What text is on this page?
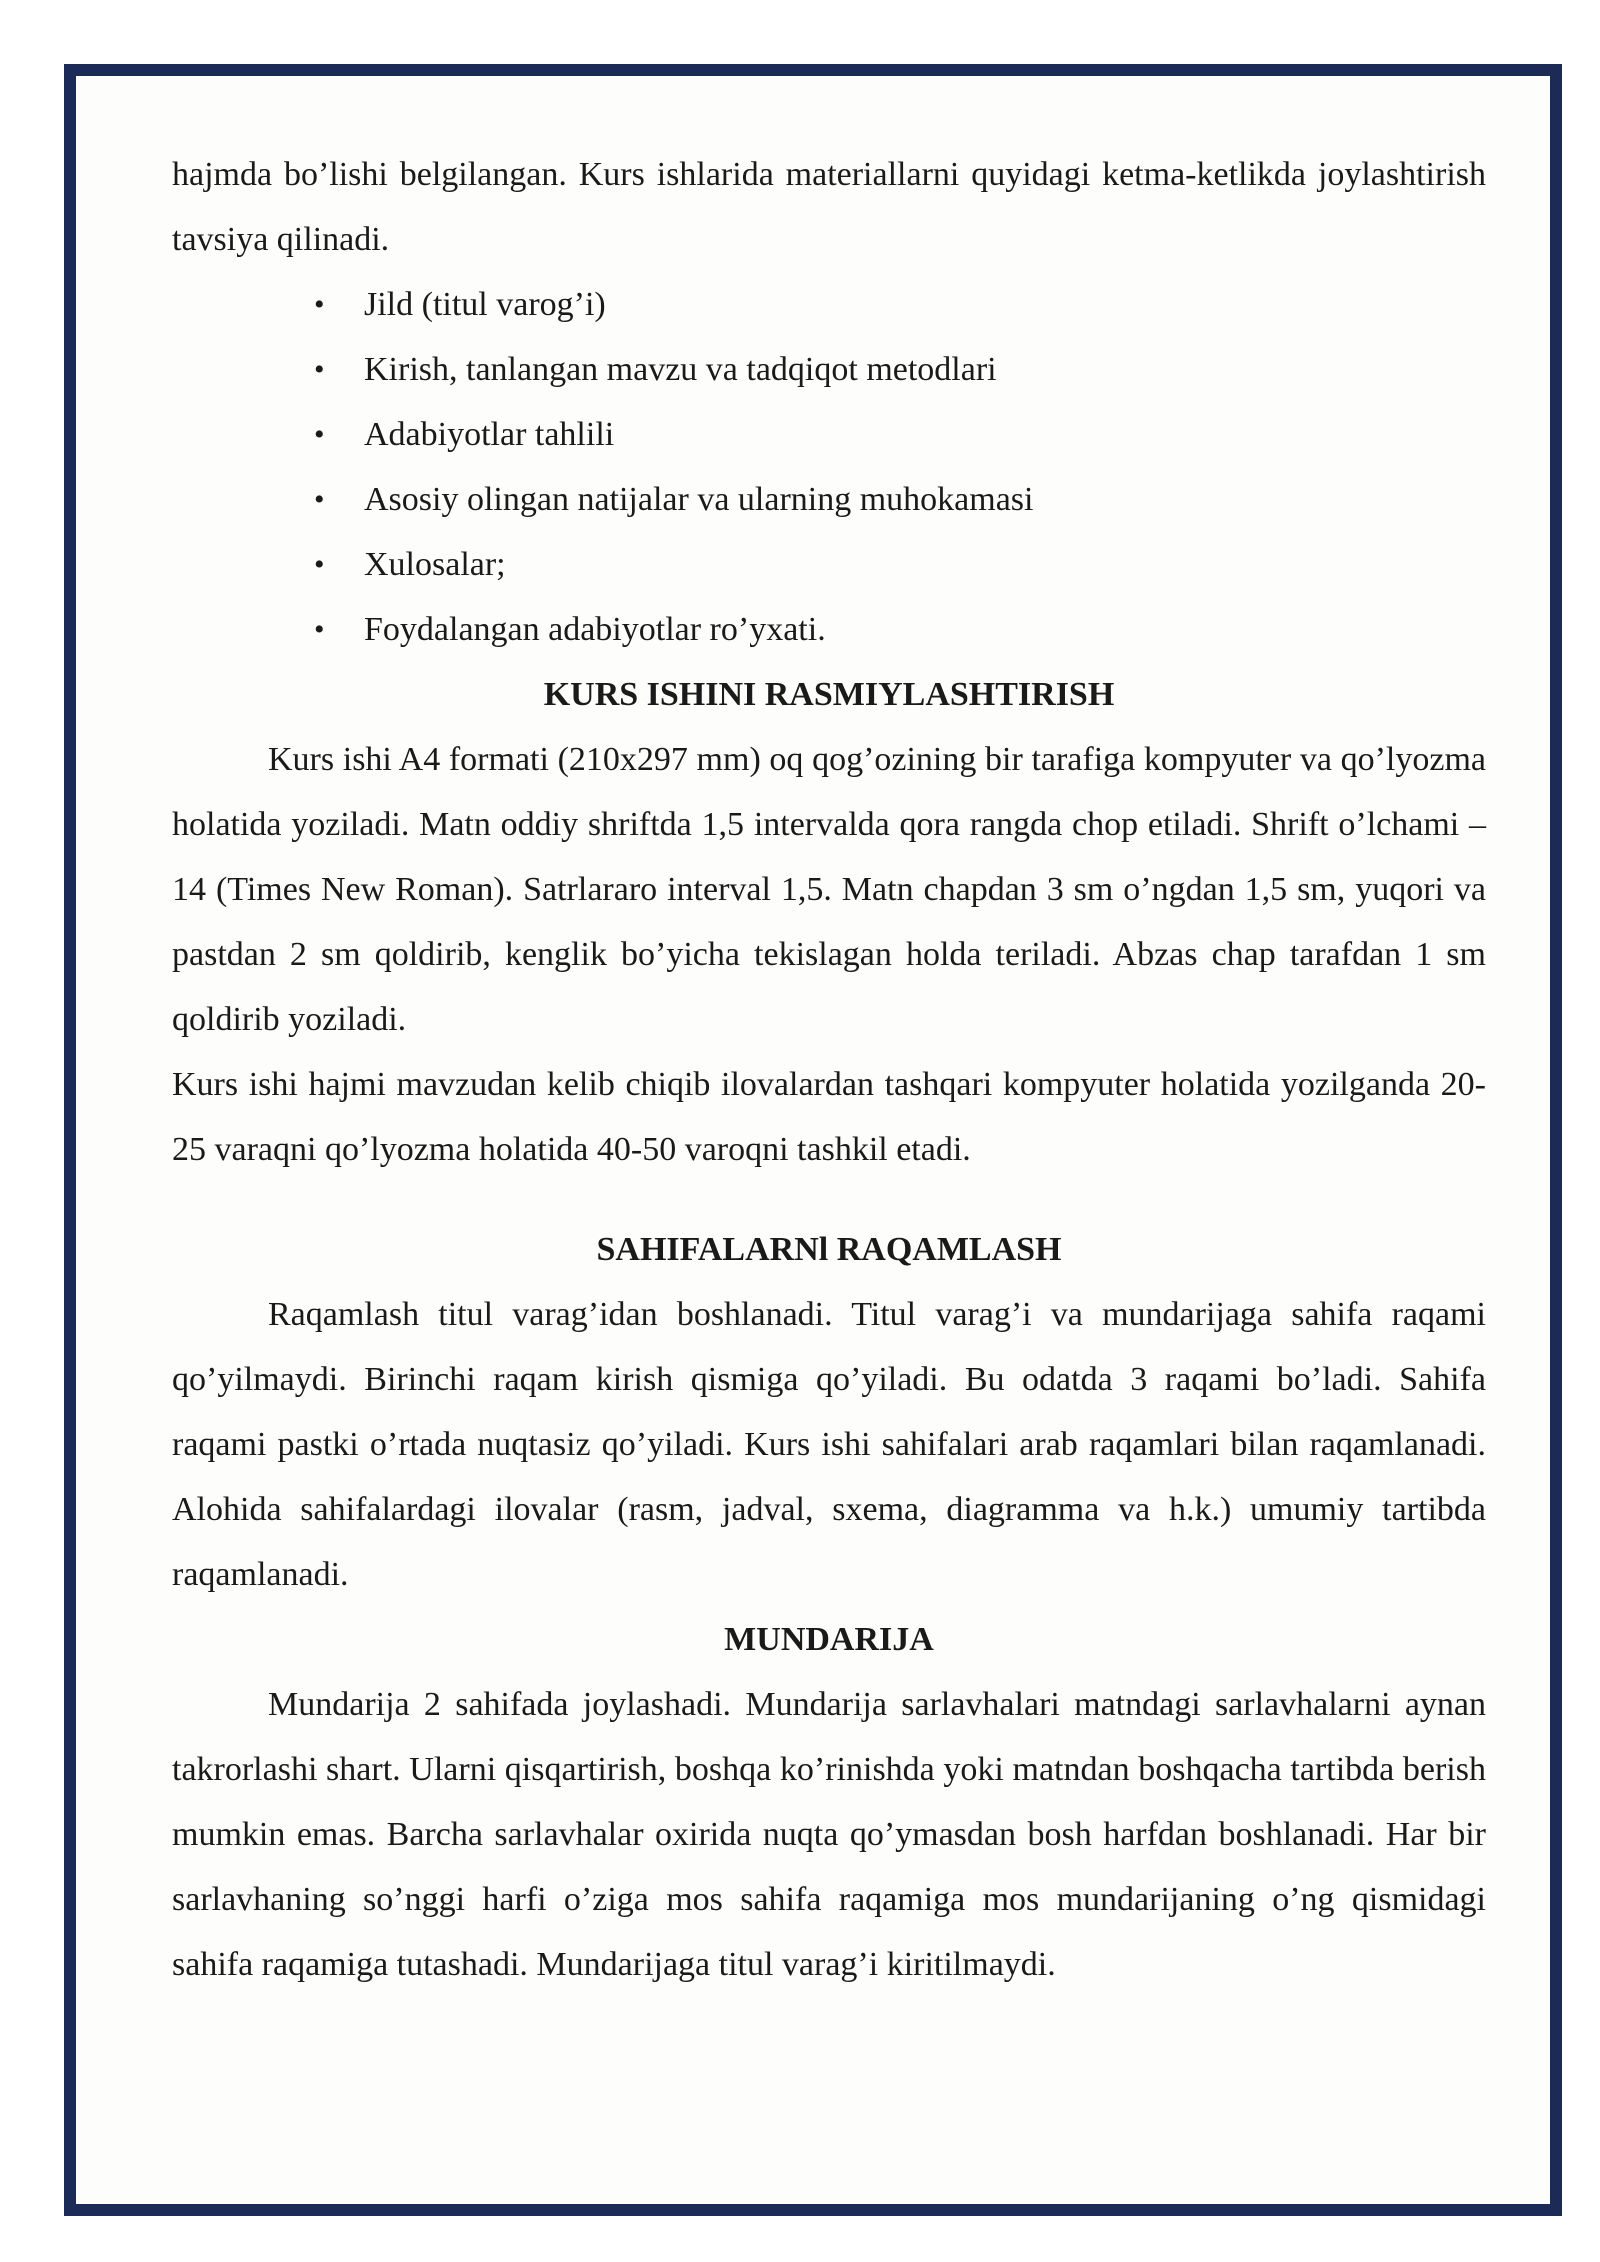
hajmda bo’lishi belgilangan. Kurs ishlarida materiallarni quyidagi ketma-ketlikda joylashtirish tavsiya qilinadi.

• Jild (titul varog’i)
• Kirish, tanlangan mavzu va tadqiqot metodlari
• Adabiyotlar tahlili
• Asosiy olingan natijalar va ularning muhokamasi
• Xulosalar;
• Foydalangan adabiyotlar ro’yxati.
KURS ISHINI RASMIYLASHTIRISH

Kurs ishi A4 formati (210x297 mm) oq qog’ozining bir tarafiga kompyuter va qo’lyozma holatida yoziladi. Matn oddiy shriftda 1,5 intervalda qora rangda chop etiladi. Shrift o’lchami – 14 (Times New Roman). Satrlararo interval 1,5. Matn chapdan 3 sm o’ngdan 1,5 sm, yuqori va pastdan 2 sm qoldirib, kenglik bo’yicha tekislagan holda teriladi. Abzas chap tarafdan 1 sm qoldirib yoziladi.

Kurs ishi hajmi mavzudan kelib chiqib ilovalardan tashqari kompyuter holatida yozilganda 20-25 varaqni qo’lyozma holatida 40-50 varoqni tashkil etadi.

SAHIFALARNl RAQAMLASH

Raqamlash titul varag’idan boshlanadi. Titul varag’i va mundarijaga sahifa raqami qo’yilmaydi. Birinchi raqam kirish qismiga qo’yiladi. Bu odatda 3 raqami bo’ladi. Sahifa raqami pastki o’rtada nuqtasiz qo’yiladi. Kurs ishi sahifalari arab raqamlari bilan raqamlanadi. Alohida sahifalardagi ilovalar (rasm, jadval, sxema, diagramma va h.k.) umumiy tartibda raqamlanadi.

MUNDARIJA

Mundarija 2 sahifada joylashadi. Mundarija sarlavhalari matndagi sarlavhalarni aynan takrorlashi shart. Ularni qisqartirish, boshqa ko’rinishda yoki matndan boshqacha tartibda berish mumkin emas. Barcha sarlavhalar oxirida nuqta qo’ymasdan bosh harfdan boshlanadi. Har bir sarlavhaning so’nggi harfi o’ziga mos sahifa raqamiga mos mundarijaning o’ng qismidagi sahifa raqamiga tutashadi. Mundarijaga titul varag’i kiritilmaydi.
